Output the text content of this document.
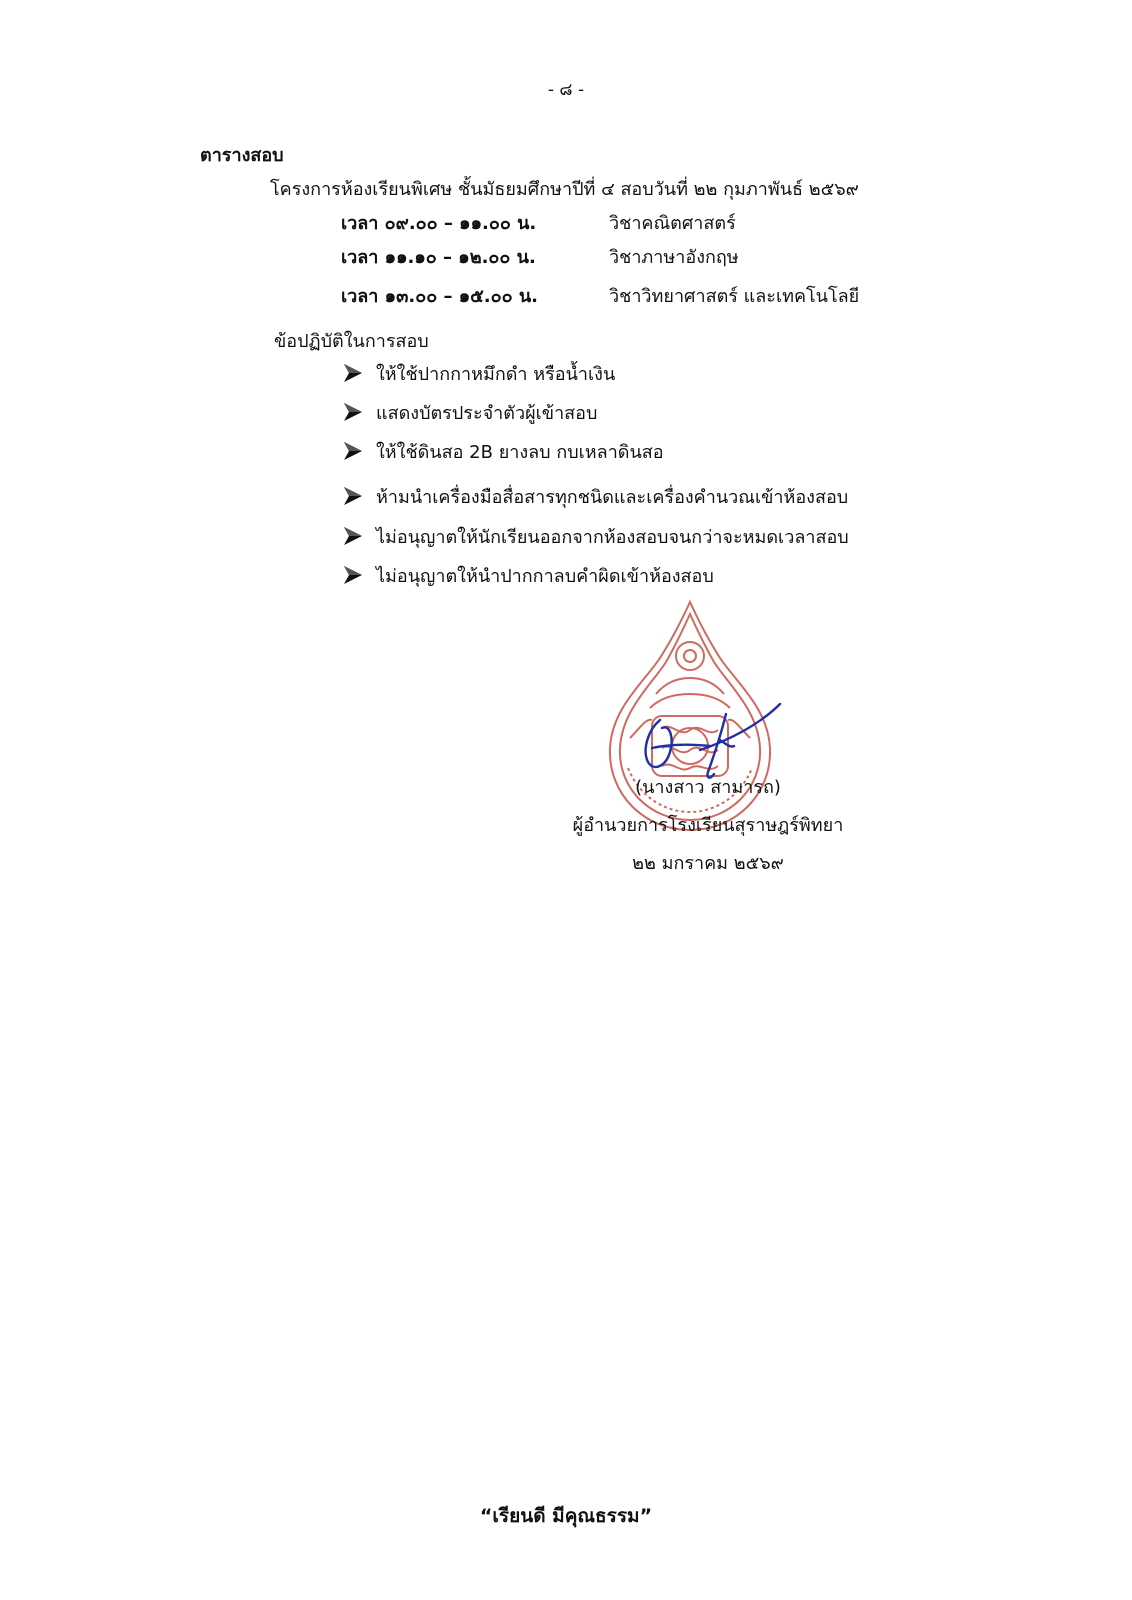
- ๘ -
ตารางสอบ
โครงการห้องเรียนพิเศษ ชั้นมัธยมศึกษาปีที่ ๔ สอบวันที่ ๒๒ กุมภาพันธ์ ๒๕๖๙
เวลา ๐๙.๐๐ – ๑๑.๐๐ น.	วิชาคณิตศาสตร์
เวลา ๑๑.๑๐ – ๑๒.๐๐ น.	วิชาภาษาอังกฤษ
เวลา ๑๓.๐๐ – ๑๕.๐๐ น.	วิชาวิทยาศาสตร์ และเทคโนโลยี
ข้อปฏิบัติในการสอบ
ให้ใช้ปากกาหมึกดำ หรือน้ำเงิน
แสดงบัตรประจำตัวผู้เข้าสอบ
ให้ใช้ดินสอ 2B ยางลบ กบเหลาดินสอ
ห้ามนำเครื่องมือสื่อสารทุกชนิดและเครื่องคำนวณเข้าห้องสอบ
ไม่อนุญาตให้นักเรียนออกจากห้องสอบจนกว่าจะหมดเวลาสอบ
ไม่อนุญาตให้นำปากกาลบคำผิดเข้าห้องสอบ
(นางสาว สามารถ)
ผู้อำนวยการโรงเรียนสุราษฎร์พิทยา
๒๒ มกราคม ๒๕๖๙
“เรียนดี มีคุณธรรม”
